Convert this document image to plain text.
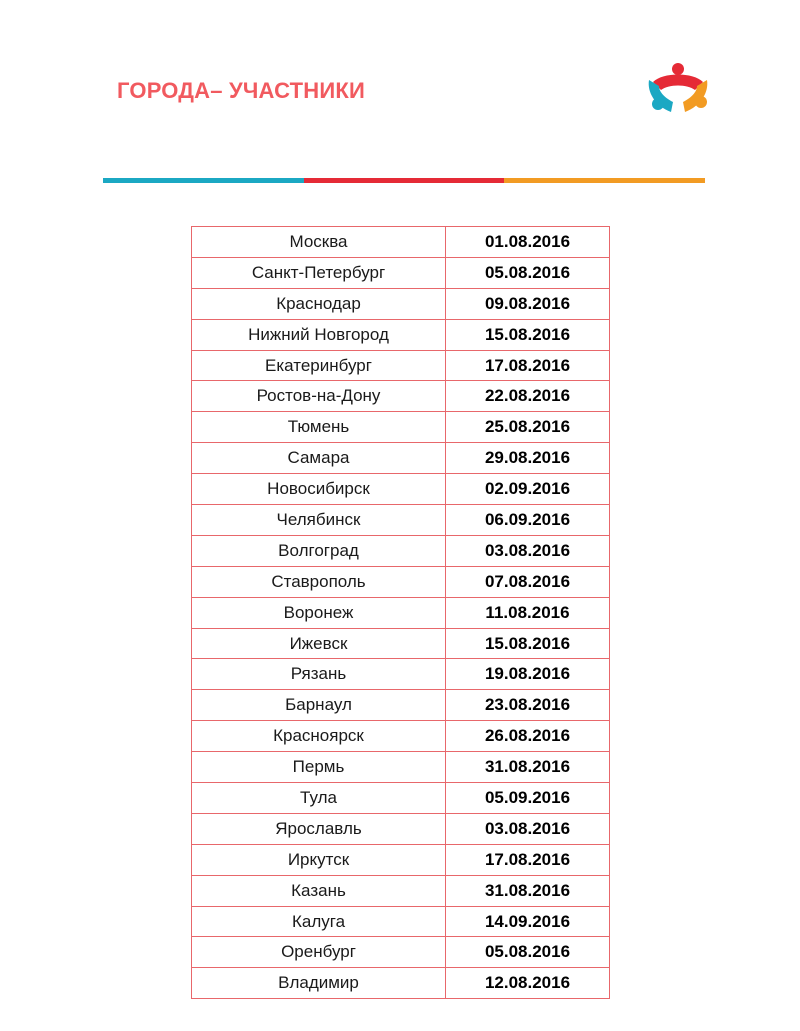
ГОРОДА– УЧАСТНИКИ
Москва	01.08.2016
Санкт-Петербург	05.08.2016
Краснодар	09.08.2016
Нижний Новгород	15.08.2016
Екатеринбург	17.08.2016
Ростов-на-Дону	22.08.2016
Тюмень	25.08.2016
Самара	29.08.2016
Новосибирск	02.09.2016
Челябинск	06.09.2016
Волгоград	03.08.2016
Ставрополь	07.08.2016
Воронеж	11.08.2016
Ижевск	15.08.2016
Рязань	19.08.2016
Барнаул	23.08.2016
Красноярск	26.08.2016
Пермь	31.08.2016
Тула	05.09.2016
Ярославль	03.08.2016
Иркутск	17.08.2016
Казань	31.08.2016
Калуга	14.09.2016
Оренбург	05.08.2016
Владимир	12.08.2016
